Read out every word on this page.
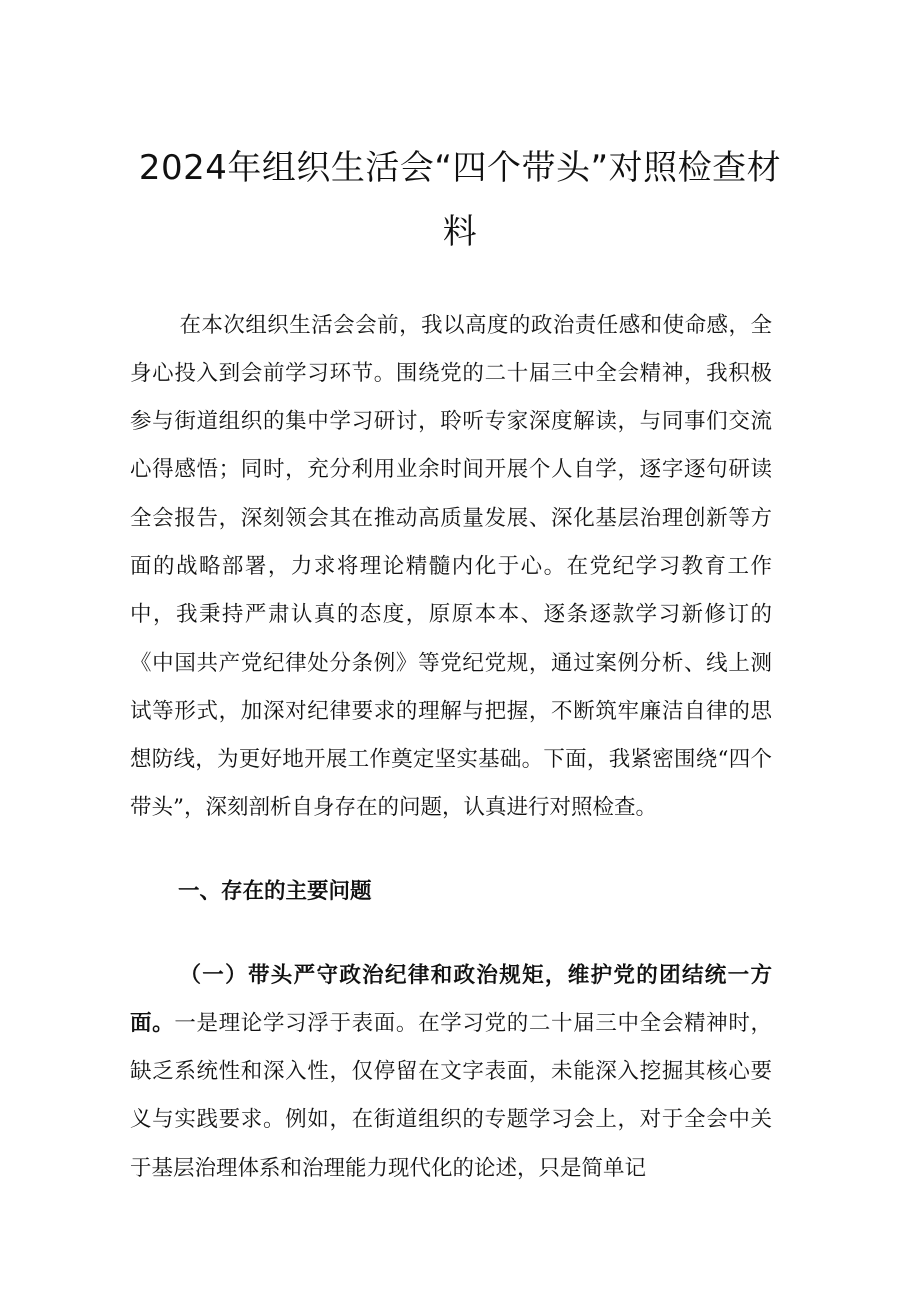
2024年组织生活会“四个带头”对照检查材
料

在本次组织生活会会前，我以高度的政治责任感和使命感，全身心投入到会前学习环节。围绕党的二十届三中全会精神，我积极参与街道组织的集中学习研讨，聆听专家深度解读，与同事们交流心得感悟；同时，充分利用业余时间开展个人自学，逐字逐句研读全会报告，深刻领会其在推动高质量发展、深化基层治理创新等方面的战略部署，力求将理论精髓内化于心。在党纪学习教育工作中，我秉持严肃认真的态度，原原本本、逐条逐款学习新修订的《中国共产党纪律处分条例》等党纪党规，通过案例分析、线上测试等形式，加深对纪律要求的理解与把握，不断筑牢廉洁自律的思想防线，为更好地开展工作奠定坚实基础。下面，我紧密围绕“四个带头”，深刻剖析自身存在的问题，认真进行对照检查。

一、存在的主要问题

（一）带头严守政治纪律和政治规矩，维护党的团结统一方面。一是理论学习浮于表面。在学习党的二十届三中全会精神时，缺乏系统性和深入性，仅停留在文字表面，未能深入挖掘其核心要义与实践要求。例如，在街道组织的专题学习会上，对于全会中关于基层治理体系和治理能力现代化的论述，只是简单记
